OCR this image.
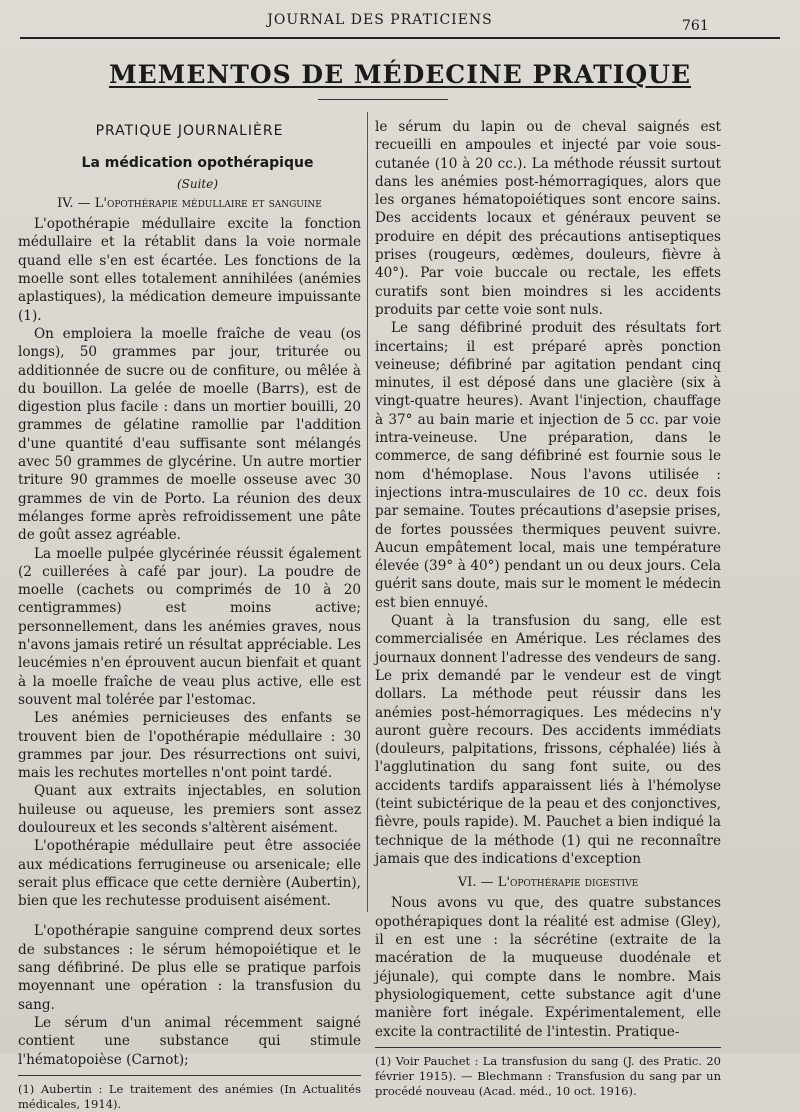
JOURNAL DES PRATICIENS	761
MEMENTOS DE MÉDECINE PRATIQUE
PRATIQUE JOURNALIÈRE

La médication opothérapique

(Suite)

IV. — L'opothérapie médullaire et sanguine

L'opothérapie médullaire excite la fonction médullaire et la rétablit dans la voie normale quand elle s'en est écartée. Les fonctions de la moelle sont elles totalement annihilées (anémies aplastiques), la médication demeure impuissante (1).

On emploiera la moelle fraîche de veau (os longs), 50 grammes par jour, triturée ou additionnée de sucre ou de confiture, ou mêlée à du bouillon. La gelée de moelle (Barrs), est de digestion plus facile : dans un mortier bouilli, 20 grammes de gélatine ramollie par l'addition d'une quantité d'eau suffisante sont mélangés avec 50 grammes de glycérine. Un autre mortier triture 90 grammes de moelle osseuse avec 30 grammes de vin de Porto. La réunion des deux mélanges forme après refroidissement une pâte de goût assez agréable.

La moelle pulpée glycérinée réussit également (2 cuillerées à café par jour). La poudre de moelle (cachets ou comprimés de 10 à 20 centigrammes) est moins active; personnellement, dans les anémies graves, nous n'avons jamais retiré un résultat appréciable. Les leucémies n'en éprouvent aucun bienfait et quant à la moelle fraîche de veau plus active, elle est souvent mal tolérée par l'estomac.

Les anémies pernicieuses des enfants se trouvent bien de l'opothérapie médullaire : 30 grammes par jour. Des résurrections ont suivi, mais les rechutes mortelles n'ont point tardé.

Quant aux extraits injectables, en solution huileuse ou aqueuse, les premiers sont assez douloureux et les seconds s'altèrent aisément.

L'opothérapie médullaire peut être associée aux médications ferrugineuse ou arsenicale; elle serait plus efficace que cette dernière (Aubertin), bien que les rechutesse produisent aisément.

L'opothérapie sanguine comprend deux sortes de substances : le sérum hémopoiétique et le sang défibriné. De plus elle se pratique parfois moyennant une opération : la transfusion du sang.

Le sérum d'un animal récemment saigné contient une substance qui stimule l'hématopoièse (Carnot);

(1) Aubertin : Le traitement des anémies (In Actualités médicales, 1914).

le sérum du lapin ou de cheval saignés est recueilli en ampoules et injecté par voie sous-cutanée (10 à 20 cc.). La méthode réussit surtout dans les anémies post-hémorragiques, alors que les organes hématopoiétiques sont encore sains. Des accidents locaux et généraux peuvent se produire en dépit des précautions antiseptiques prises (rougeurs, œdèmes, douleurs, fièvre à 40°). Par voie buccale ou rectale, les effets curatifs sont bien moindres si les accidents produits par cette voie sont nuls.

Le sang défibriné produit des résultats fort incertains; il est préparé après ponction veineuse; défibriné par agitation pendant cinq minutes, il est déposé dans une glacière (six à vingt-quatre heures). Avant l'injection, chauffage à 37° au bain marie et injection de 5 cc. par voie intra-veineuse. Une préparation, dans le commerce, de sang défibriné est fournie sous le nom d'hémoplase. Nous l'avons utilisée : injections intra-musculaires de 10 cc. deux fois par semaine. Toutes précautions d'asepsie prises, de fortes poussées thermiques peuvent suivre. Aucun empâtement local, mais une température élevée (39° à 40°) pendant un ou deux jours. Cela guérit sans doute, mais sur le moment le médecin est bien ennuyé.

Quant à la transfusion du sang, elle est commercialisée en Amérique. Les réclames des journaux donnent l'adresse des vendeurs de sang. Le prix demandé par le vendeur est de vingt dollars. La méthode peut réussir dans les anémies post-hémorragiques. Les médecins n'y auront guère recours. Des accidents immédiats (douleurs, palpitations, frissons, céphalée) liés à l'agglutination du sang font suite, ou des accidents tardifs apparaissent liés à l'hémolyse (teint subictérique de la peau et des conjonctives, fièvre, pouls rapide). M. Pauchet a bien indiqué la technique de la méthode (1) qui ne reconnaître jamais que des indications d'exception

VI. — L'opothérapie digestive

Nous avons vu que, des quatre substances opothérapiques dont la réalité est admise (Gley), il en est une : la sécrétine (extraite de la macération de la muqueuse duodénale et jéjunale), qui compte dans le nombre. Mais physiologiquement, cette substance agit d'une manière fort inégale. Expérimentalement, elle excite la contractilité de l'intestin. Pratique-

(1) Voir Pauchet : La transfusion du sang (J. des Pratic. 20 février 1915). — Blechmann : Transfusion du sang par un procédé nouveau (Acad. méd., 10 oct. 1916).
